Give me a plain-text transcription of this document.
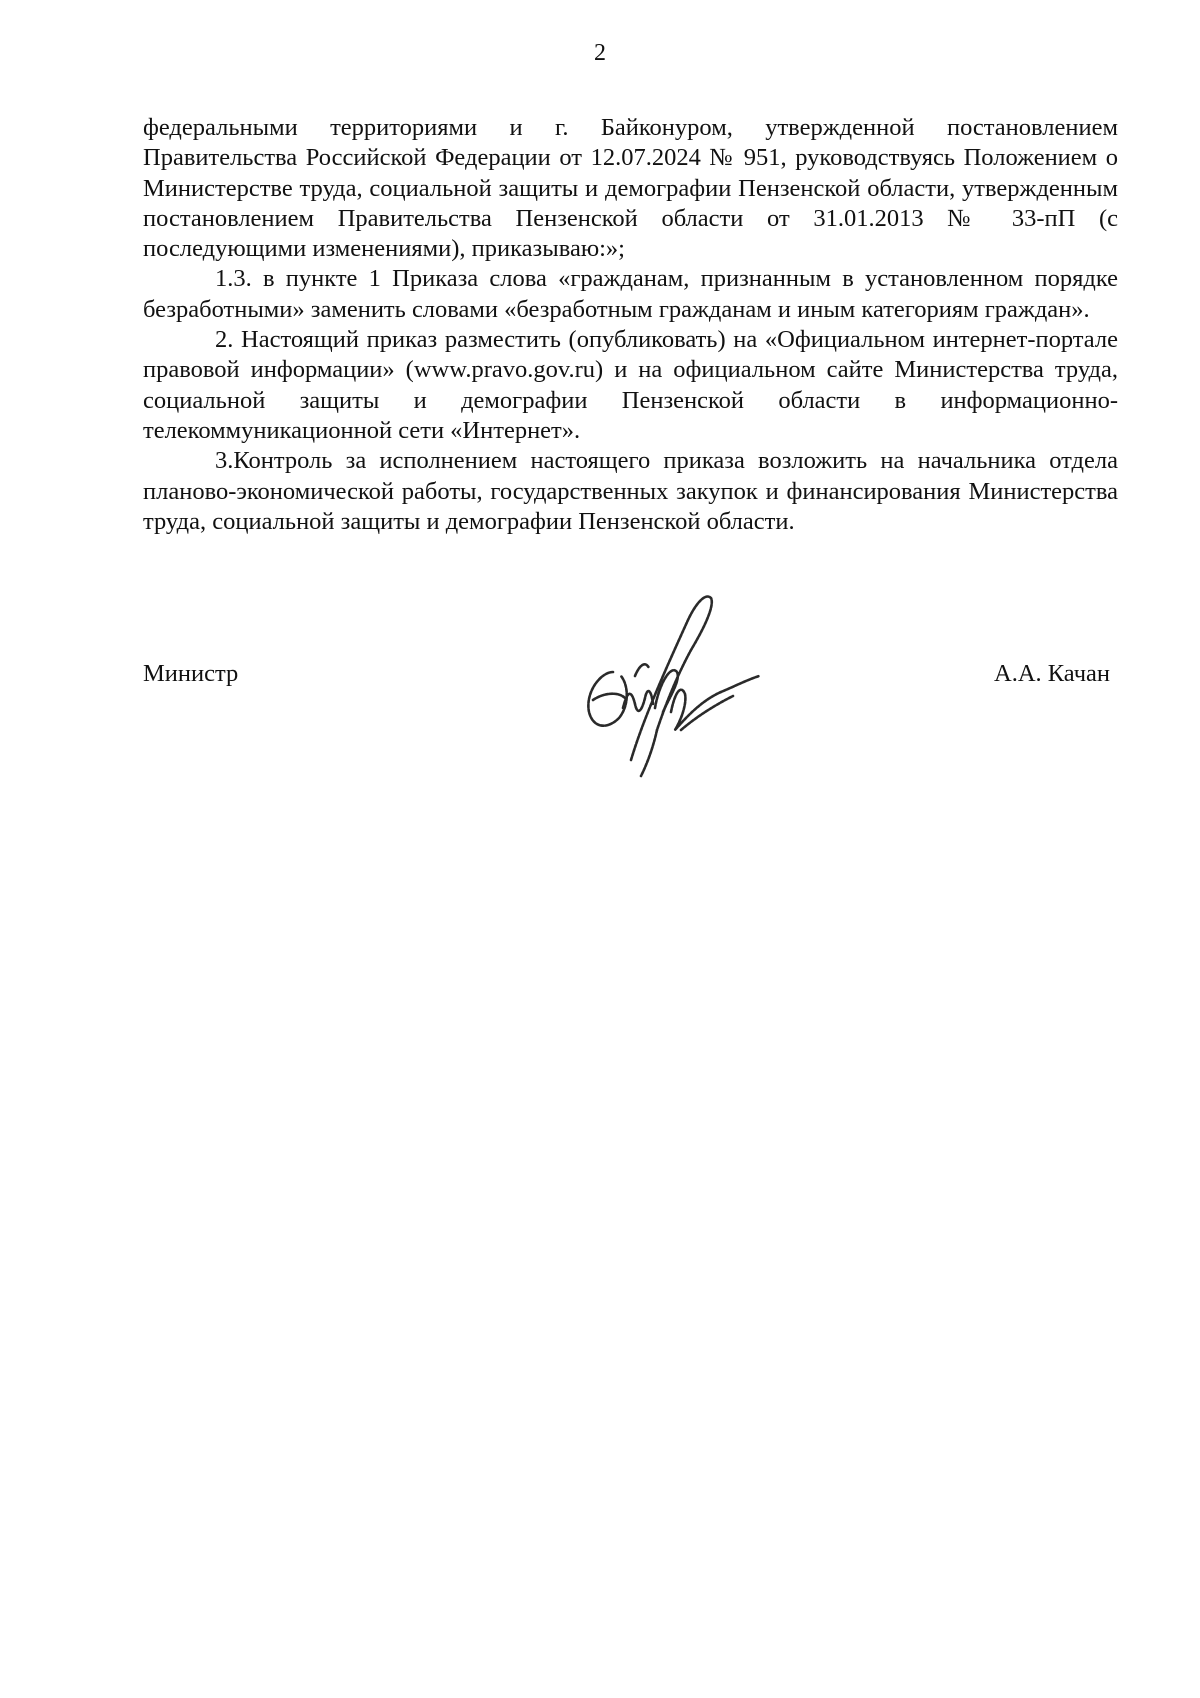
2

федеральными территориями и г. Байконуром, утвержденной постановлением Правительства Российской Федерации от 12.07.2024 № 951, руководствуясь Положением о Министерстве труда, социальной защиты и демографии Пензенской области, утвержденным постановлением Правительства Пензенской области от 31.01.2013 № 33-пП (с последующими изменениями), приказываю:»;

1.3. в пункте 1 Приказа слова «гражданам, признанным в установленном порядке безработными» заменить словами «безработным гражданам и иным категориям граждан».

2. Настоящий приказ разместить (опубликовать) на «Официальном интернет-портале правовой информации» (www.pravo.gov.ru) и на официальном сайте Министерства труда, социальной защиты и демографии Пензенской области в информационно-телекоммуникационной сети «Интернет».

3.Контроль за исполнением настоящего приказа возложить на начальника отдела планово-экономической работы, государственных закупок и финансирования Министерства труда, социальной защиты и демографии Пензенской области.

Министр	А.А. Качан
